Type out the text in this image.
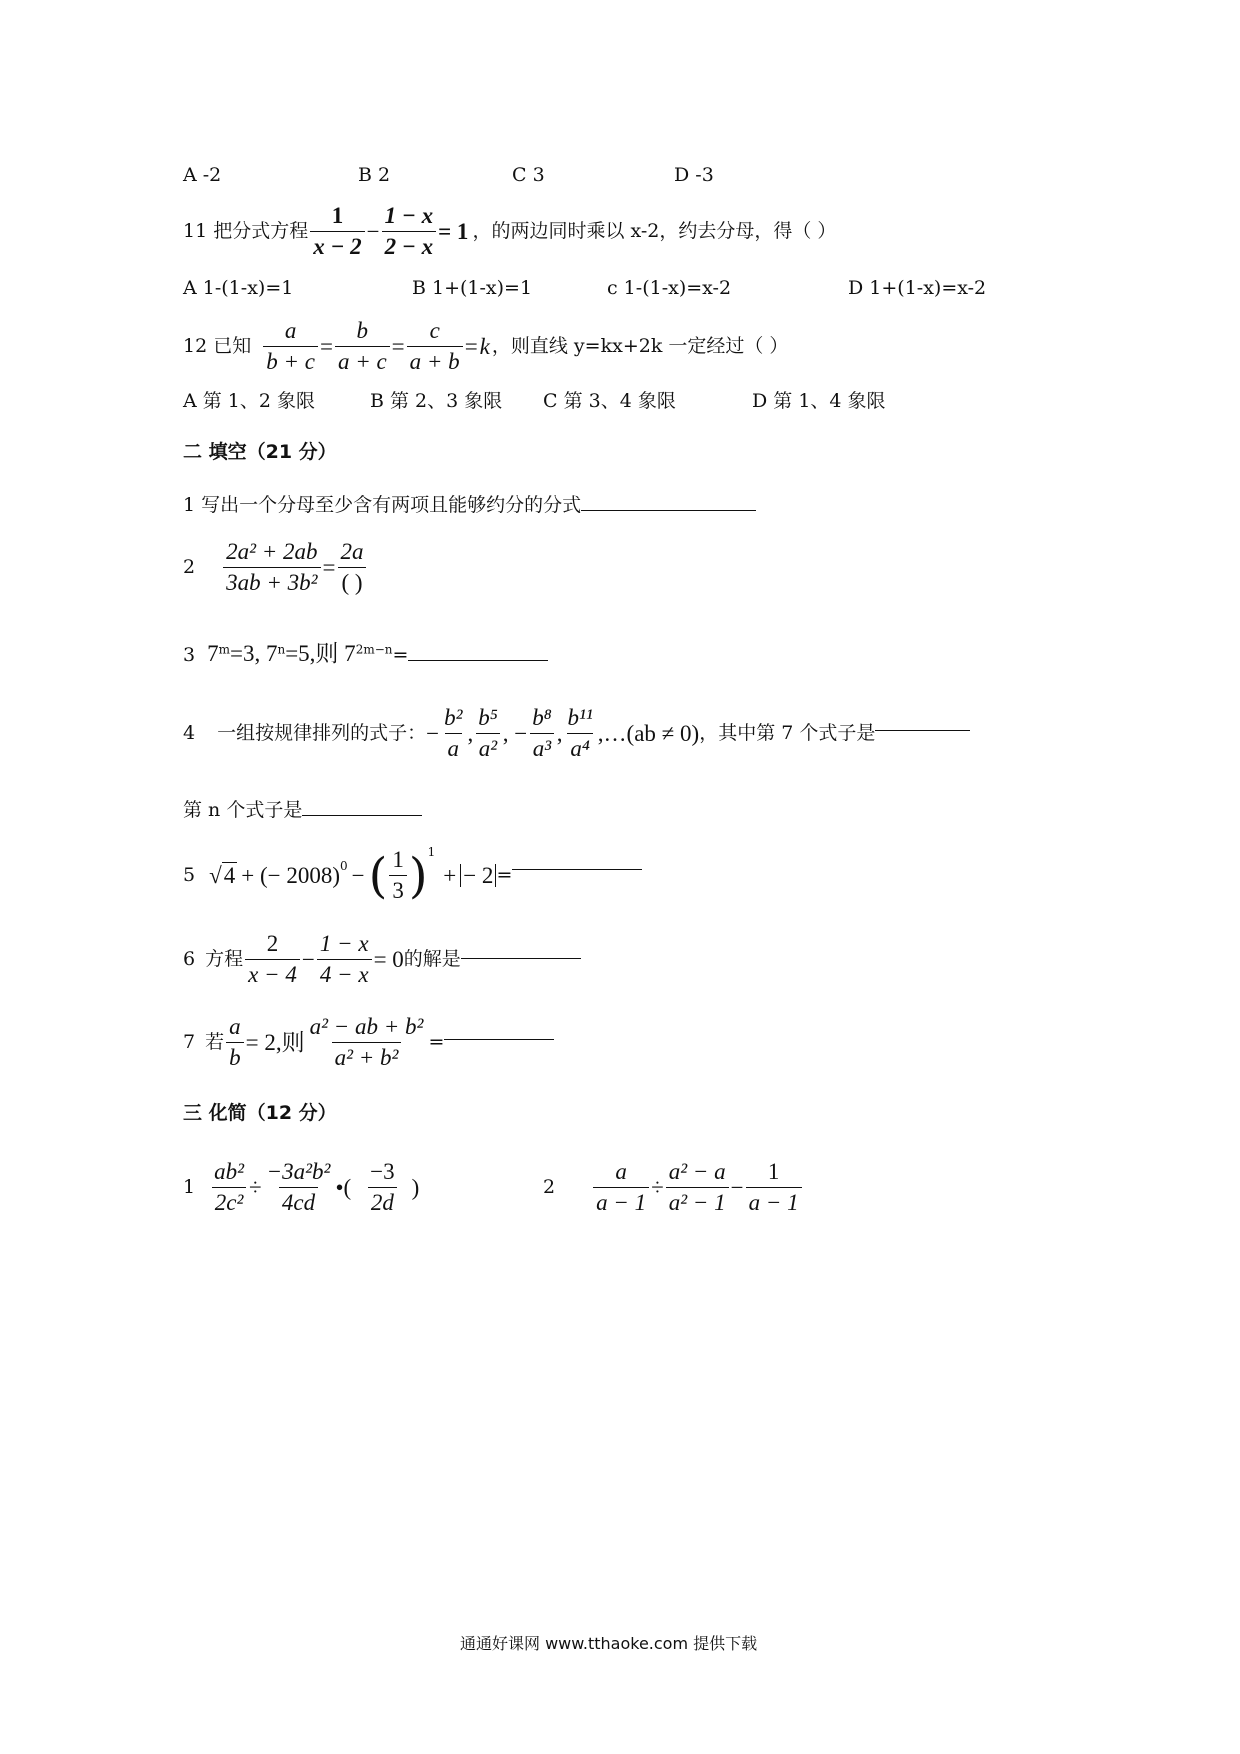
A -2	B 2	C 3	D -3
11 把分式方程 $\frac{1}{x - 2} - \frac{1 - x}{2 - x} = 1$ ，的两边同时乘以 x-2，约去分母，得（ ）
A 1-(1-x)=1	B 1+(1-x)=1	c 1-(1-x)=x-2	D 1+(1-x)=x-2
12 已知 $\frac{a}{b + c} = \frac{b}{a + c} = \frac{c}{a + b} = k$ ，则直线 y=kx+2k 一定经过（ ）
A 第 1、2 象限	B 第 2、3 象限 C 第 3、4 象限	D 第 1、4 象限
二 填空（21 分）
1 写出一个分母至少含有两项且能够约分的分式
$2 \frac{\text{2a² + 2ab}}{\text{3ab + 3b²}} = \frac{2a}{( )}$
3 $7^m=3$, $7^n=5$,则 $7^{2m-n}=$
4 一组按规律排列的式子： − $\frac{\text{b²}}{a}$ , $\frac{\text{b⁵}}{\text{a²}}$ , − $\frac{\text{b⁸}}{\text{a³}}$ , $\frac{\text{b¹¹}}{\text{a⁴}}$ ,…(ab ≠ 0) ，其中第 7 个式子是
第 n 个式子是
5 √4 + (− 2008) 0 − ( $\frac{1}{3}$ ) 1
+ − 2 =
6 方程 $\frac{2}{x - 4} - \frac{1 - x}{4 - x} = 0$ 的解是
7 若 $\frac{a}{b} = 2$,则 $\frac{\text{a² − ab + b²}}{\text{a² + b²}}$ =
三 化简（12 分）
$1 \frac{\text{ab²}}{\text{2c²}} \div \frac{\text{−3a²b²}}{4cd}$ •( $\frac{-3}{2d}$ )	$2 \frac{a}{a - 1} \div \frac{\text{a² − a}}{\text{a² − 1}} - \frac{1}{a - 1}$
通通好课网 www.tthaoke.com 提供下载
